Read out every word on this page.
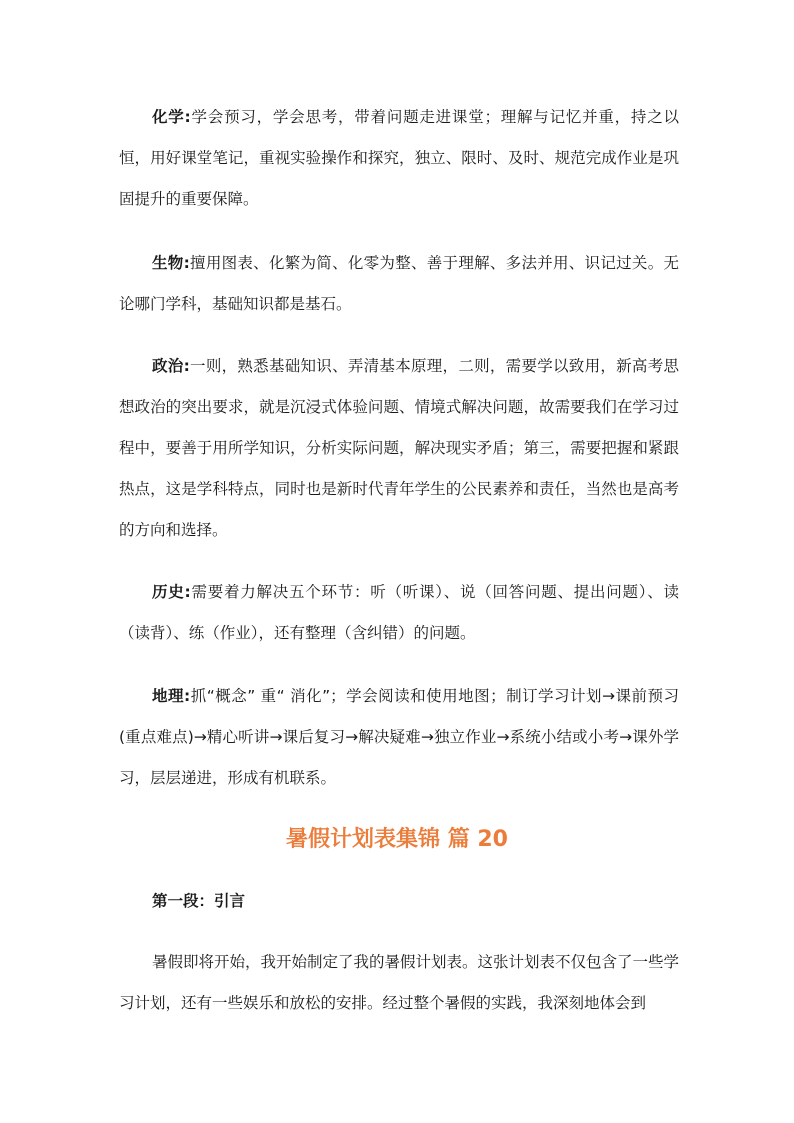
化学:学会预习，学会思考，带着问题走进课堂；理解与记忆并重，持之以恒，用好课堂笔记，重视实验操作和探究，独立、限时、及时、规范完成作业是巩固提升的重要保障。

生物:擅用图表、化繁为简、化零为整、善于理解、多法并用、识记过关。无论哪门学科，基础知识都是基石。

政治:一则，熟悉基础知识、弄清基本原理，二则，需要学以致用，新高考思想政治的突出要求，就是沉浸式体验问题、情境式解决问题，故需要我们在学习过程中，要善于用所学知识，分析实际问题，解决现实矛盾；第三，需要把握和紧跟热点，这是学科特点，同时也是新时代青年学生的公民素养和责任，当然也是高考的方向和选择。

历史:需要着力解决五个环节：听（听课）、说（回答问题、提出问题）、读（读背）、练（作业），还有整理（含纠错）的问题。

地理:抓“概念” 重“ 消化”；学会阅读和使用地图；制订学习计划→课前预习(重点难点)→精心听讲→课后复习→解决疑难→独立作业→系统小结或小考→课外学习，层层递进，形成有机联系。

暑假计划表集锦 篇 20

第一段：引言

暑假即将开始，我开始制定了我的暑假计划表。这张计划表不仅包含了一些学习计划，还有一些娱乐和放松的安排。经过整个暑假的实践，我深刻地体会到
